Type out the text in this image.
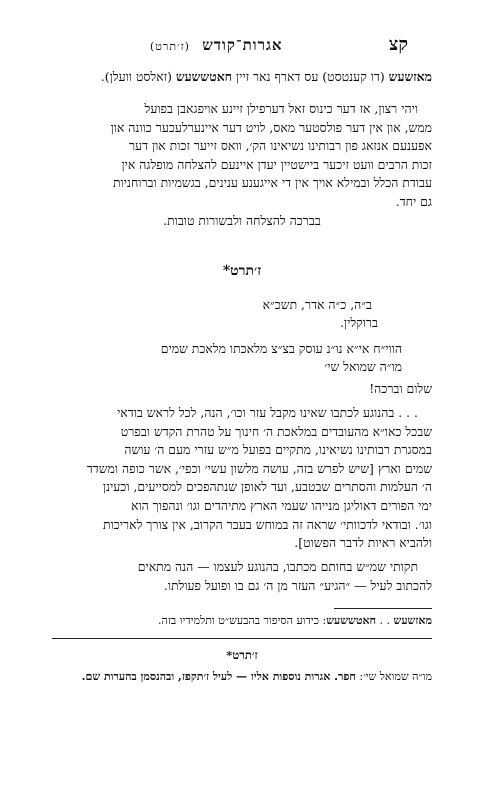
קצ
אגרות־קודש (ז׳תרט)
מאזשעש (דו קענטסט) עס דארף נאר זיין חאטששעש (זאלסט וועלן).
ויהי רצון, אז דער כינוס זאל דערפילן זיינע אויפגאבן בפועל
ממש, און אין דער פולסטער מאס, לויט דער איינערלעכער כוונה און
אפענעם אנזאג פון רבותינו נשיאינו הק׳, וואס זייער זכות און דער
זכות הרבים וועט זיכער ביישטיין יעדן איינעם להצלחה מופלגה אין
עבודת הכלל ובמילא אויך אין די אייגענע ענינים, בגשמיות וברוחניות
גם יחד.
בברכה להצלחה ולבשורות טובות.
ז׳תרט*
ב״ה, כ״ה אדר, תשכ״א
ברוקלין.
הווי״ח אי״א נו״נ עוסק בצ״צ מלאכתו מלאכת שמים
מו״ה שמואל שי׳
שלום וברכה!
. . . בהנוגע לכתבו שאינו מקבל עזר וכו׳, הנה, לכל לראש בודאי
שבכל כאו״א מהעובדים במלאכת ה׳ חינוך על טהרת הקדש ובפרט
במסגרת רבותינו נשיאינו, מתקיים בפועל מ״ש עזרי מעם ה׳ עושה
שמים וארץ [שיש לפרש בזה, עושה מלשון עשי׳ וכפי׳, אשר כופה ומשדד
ה׳ העלמות והסתרים שבטבע, ועד לאופן שנתהפכים למסייעים, וכעינן
ימי הפורים דאוליגן מנייהו שעמי הארץ מתיהדים וגו׳ ונהפוך הוא
וגו׳. ובודאי לדכוותי׳ שראה זה במוחש בעבר הקרוב, אין צורך לאריכות
ולהביא ראיות לדבר הפשוט].
תקותי שמ״ש בחותם מכתבו, בהנוגע לעצמו — הנה מתאים
להכתוב לעיל — ״הגיע״ העזר מן ה׳ גם בו ופועל פעולתו.
מאזשעש . . חאטששעש: כידוע הסיפור בהבעש״ט ותלמידיו בזה.
ז׳תרט*
מו״ה שמואל שי׳: חפר. אגרות נוספות אליו — לעיל ז׳תקפז, ובהנסמן בהערות שם.
